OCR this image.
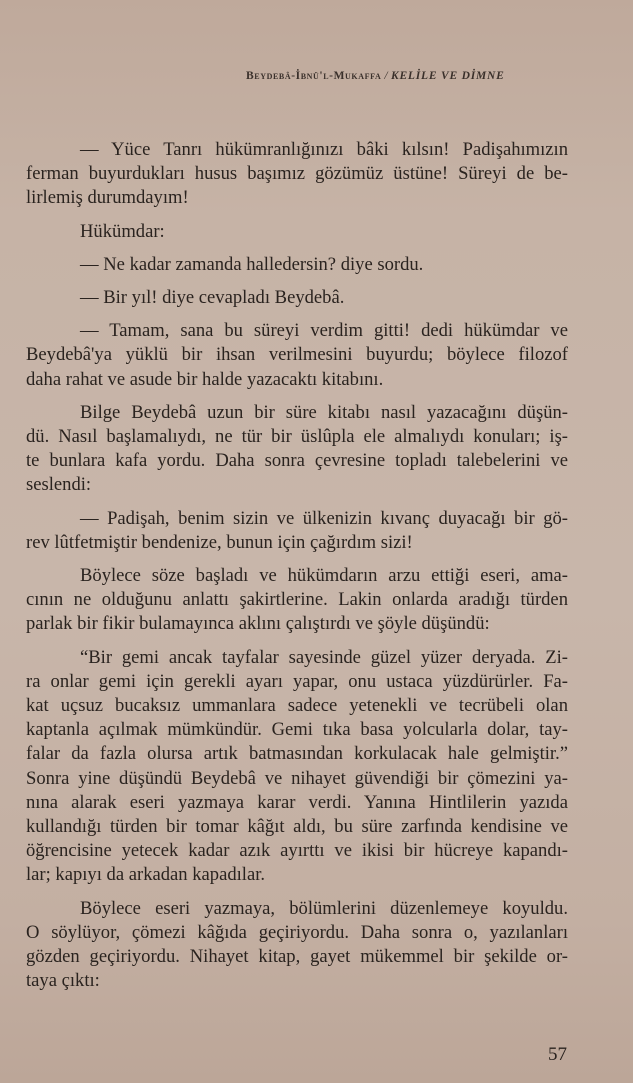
Beydebâ-İbnü'l-Mukaffa / KELİLE VE DİMNE
— Yüce Tanrı hükümranlığınızı bâki kılsın! Padişahımızın
ferman buyurdukları husus başımız gözümüz üstüne! Süreyi de be-
lirlemiş durumdayım!
Hükümdar:
— Ne kadar zamanda halledersin? diye sordu.
— Bir yıl! diye cevapladı Beydebâ.
— Tamam, sana bu süreyi verdim gitti! dedi hükümdar ve
Beydebâ'ya yüklü bir ihsan verilmesini buyurdu; böylece filozof
daha rahat ve asude bir halde yazacaktı kitabını.
Bilge Beydebâ uzun bir süre kitabı nasıl yazacağını düşün-
dü. Nasıl başlamalıydı, ne tür bir üslûpla ele almalıydı konuları; iş-
te bunlara kafa yordu. Daha sonra çevresine topladı talebelerini ve
seslendi:
— Padişah, benim sizin ve ülkenizin kıvanç duyacağı bir gö-
rev lûtfetmiştir bendenize, bunun için çağırdım sizi!
Böylece söze başladı ve hükümdarın arzu ettiği eseri, ama-
cının ne olduğunu anlattı şakirtlerine. Lakin onlarda aradığı türden
parlak bir fikir bulamayınca aklını çalıştırdı ve şöyle düşündü:
“Bir gemi ancak tayfalar sayesinde güzel yüzer deryada. Zi-
ra onlar gemi için gerekli ayarı yapar, onu ustaca yüzdürürler. Fa-
kat uçsuz bucaksız ummanlara sadece yetenekli ve tecrübeli olan
kaptanla açılmak mümkündür. Gemi tıka basa yolcularla dolar, tay-
falar da fazla olursa artık batmasından korkulacak hale gelmiştir.”
Sonra yine düşündü Beydebâ ve nihayet güvendiği bir çömezini ya-
nına alarak eseri yazmaya karar verdi. Yanına Hintlilerin yazıda
kullandığı türden bir tomar kâğıt aldı, bu süre zarfında kendisine ve
öğrencisine yetecek kadar azık ayırttı ve ikisi bir hücreye kapandı-
lar; kapıyı da arkadan kapadılar.
Böylece eseri yazmaya, bölümlerini düzenlemeye koyuldu.
O söylüyor, çömezi kâğıda geçiriyordu. Daha sonra o, yazılanları
gözden geçiriyordu. Nihayet kitap, gayet mükemmel bir şekilde or-
taya çıktı:
57
